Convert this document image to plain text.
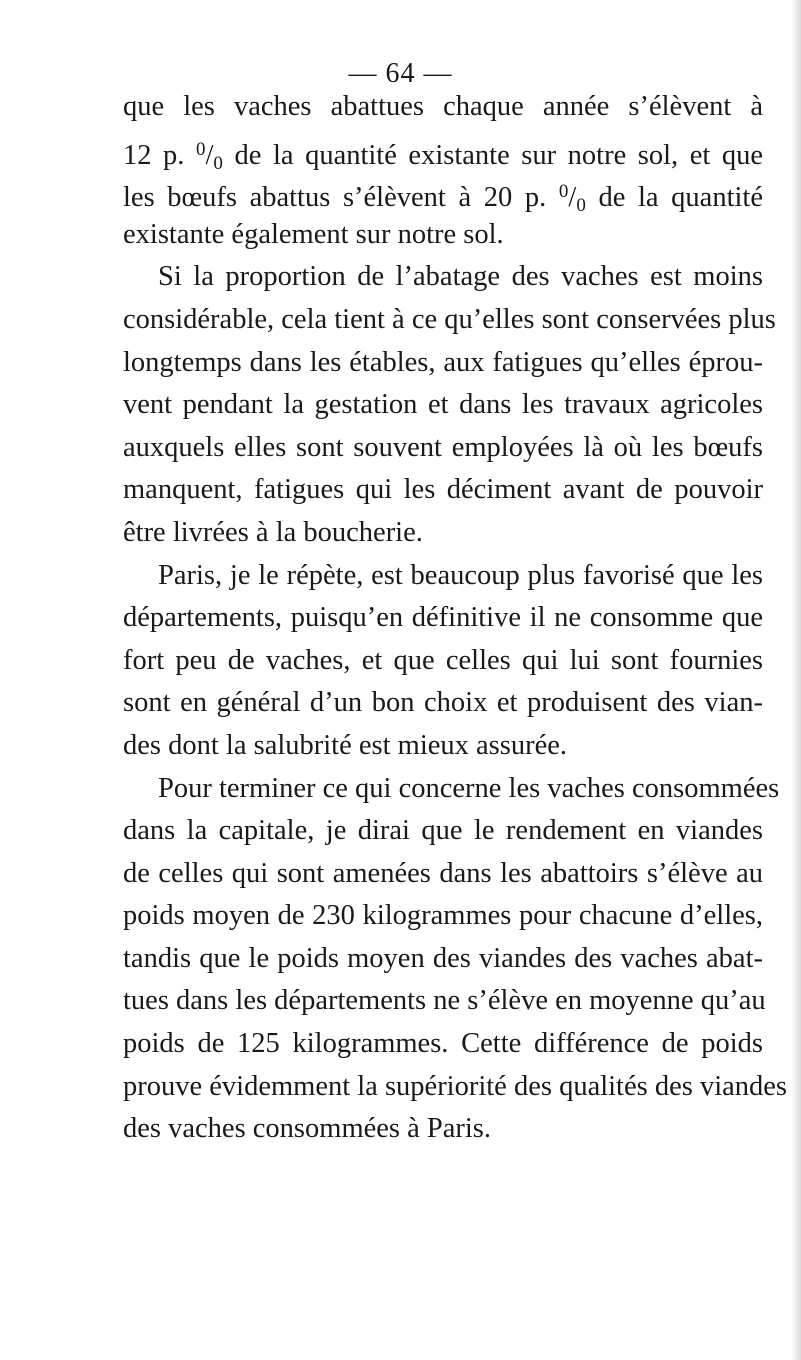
— 64 —
que les vaches abattues chaque année s’élèvent à
12 p. $^0$/0 de la quantité existante sur notre sol, et que
les bœufs abattus s’élèvent à 20 p. $^0$/0 de la quantité
existante également sur notre sol.
Si la proportion de l’abatage des vaches est moins
considérable, cela tient à ce qu’elles sont conservées plus
longtemps dans les étables, aux fatigues qu’elles éprou-
vent pendant la gestation et dans les travaux agricoles
auxquels elles sont souvent employées là où les bœufs
manquent, fatigues qui les déciment avant de pouvoir
être livrées à la boucherie.
Paris, je le répète, est beaucoup plus favorisé que les
départements, puisqu’en définitive il ne consomme que
fort peu de vaches, et que celles qui lui sont fournies
sont en général d’un bon choix et produisent des vian-
des dont la salubrité est mieux assurée.
Pour terminer ce qui concerne les vaches consommées
dans la capitale, je dirai que le rendement en viandes
de celles qui sont amenées dans les abattoirs s’élève au
poids moyen de 230 kilogrammes pour chacune d’elles,
tandis que le poids moyen des viandes des vaches abat-
tues dans les départements ne s’élève en moyenne qu’au
poids de 125 kilogrammes. Cette différence de poids
prouve évidemment la supériorité des qualités des viandes
des vaches consommées à Paris.
